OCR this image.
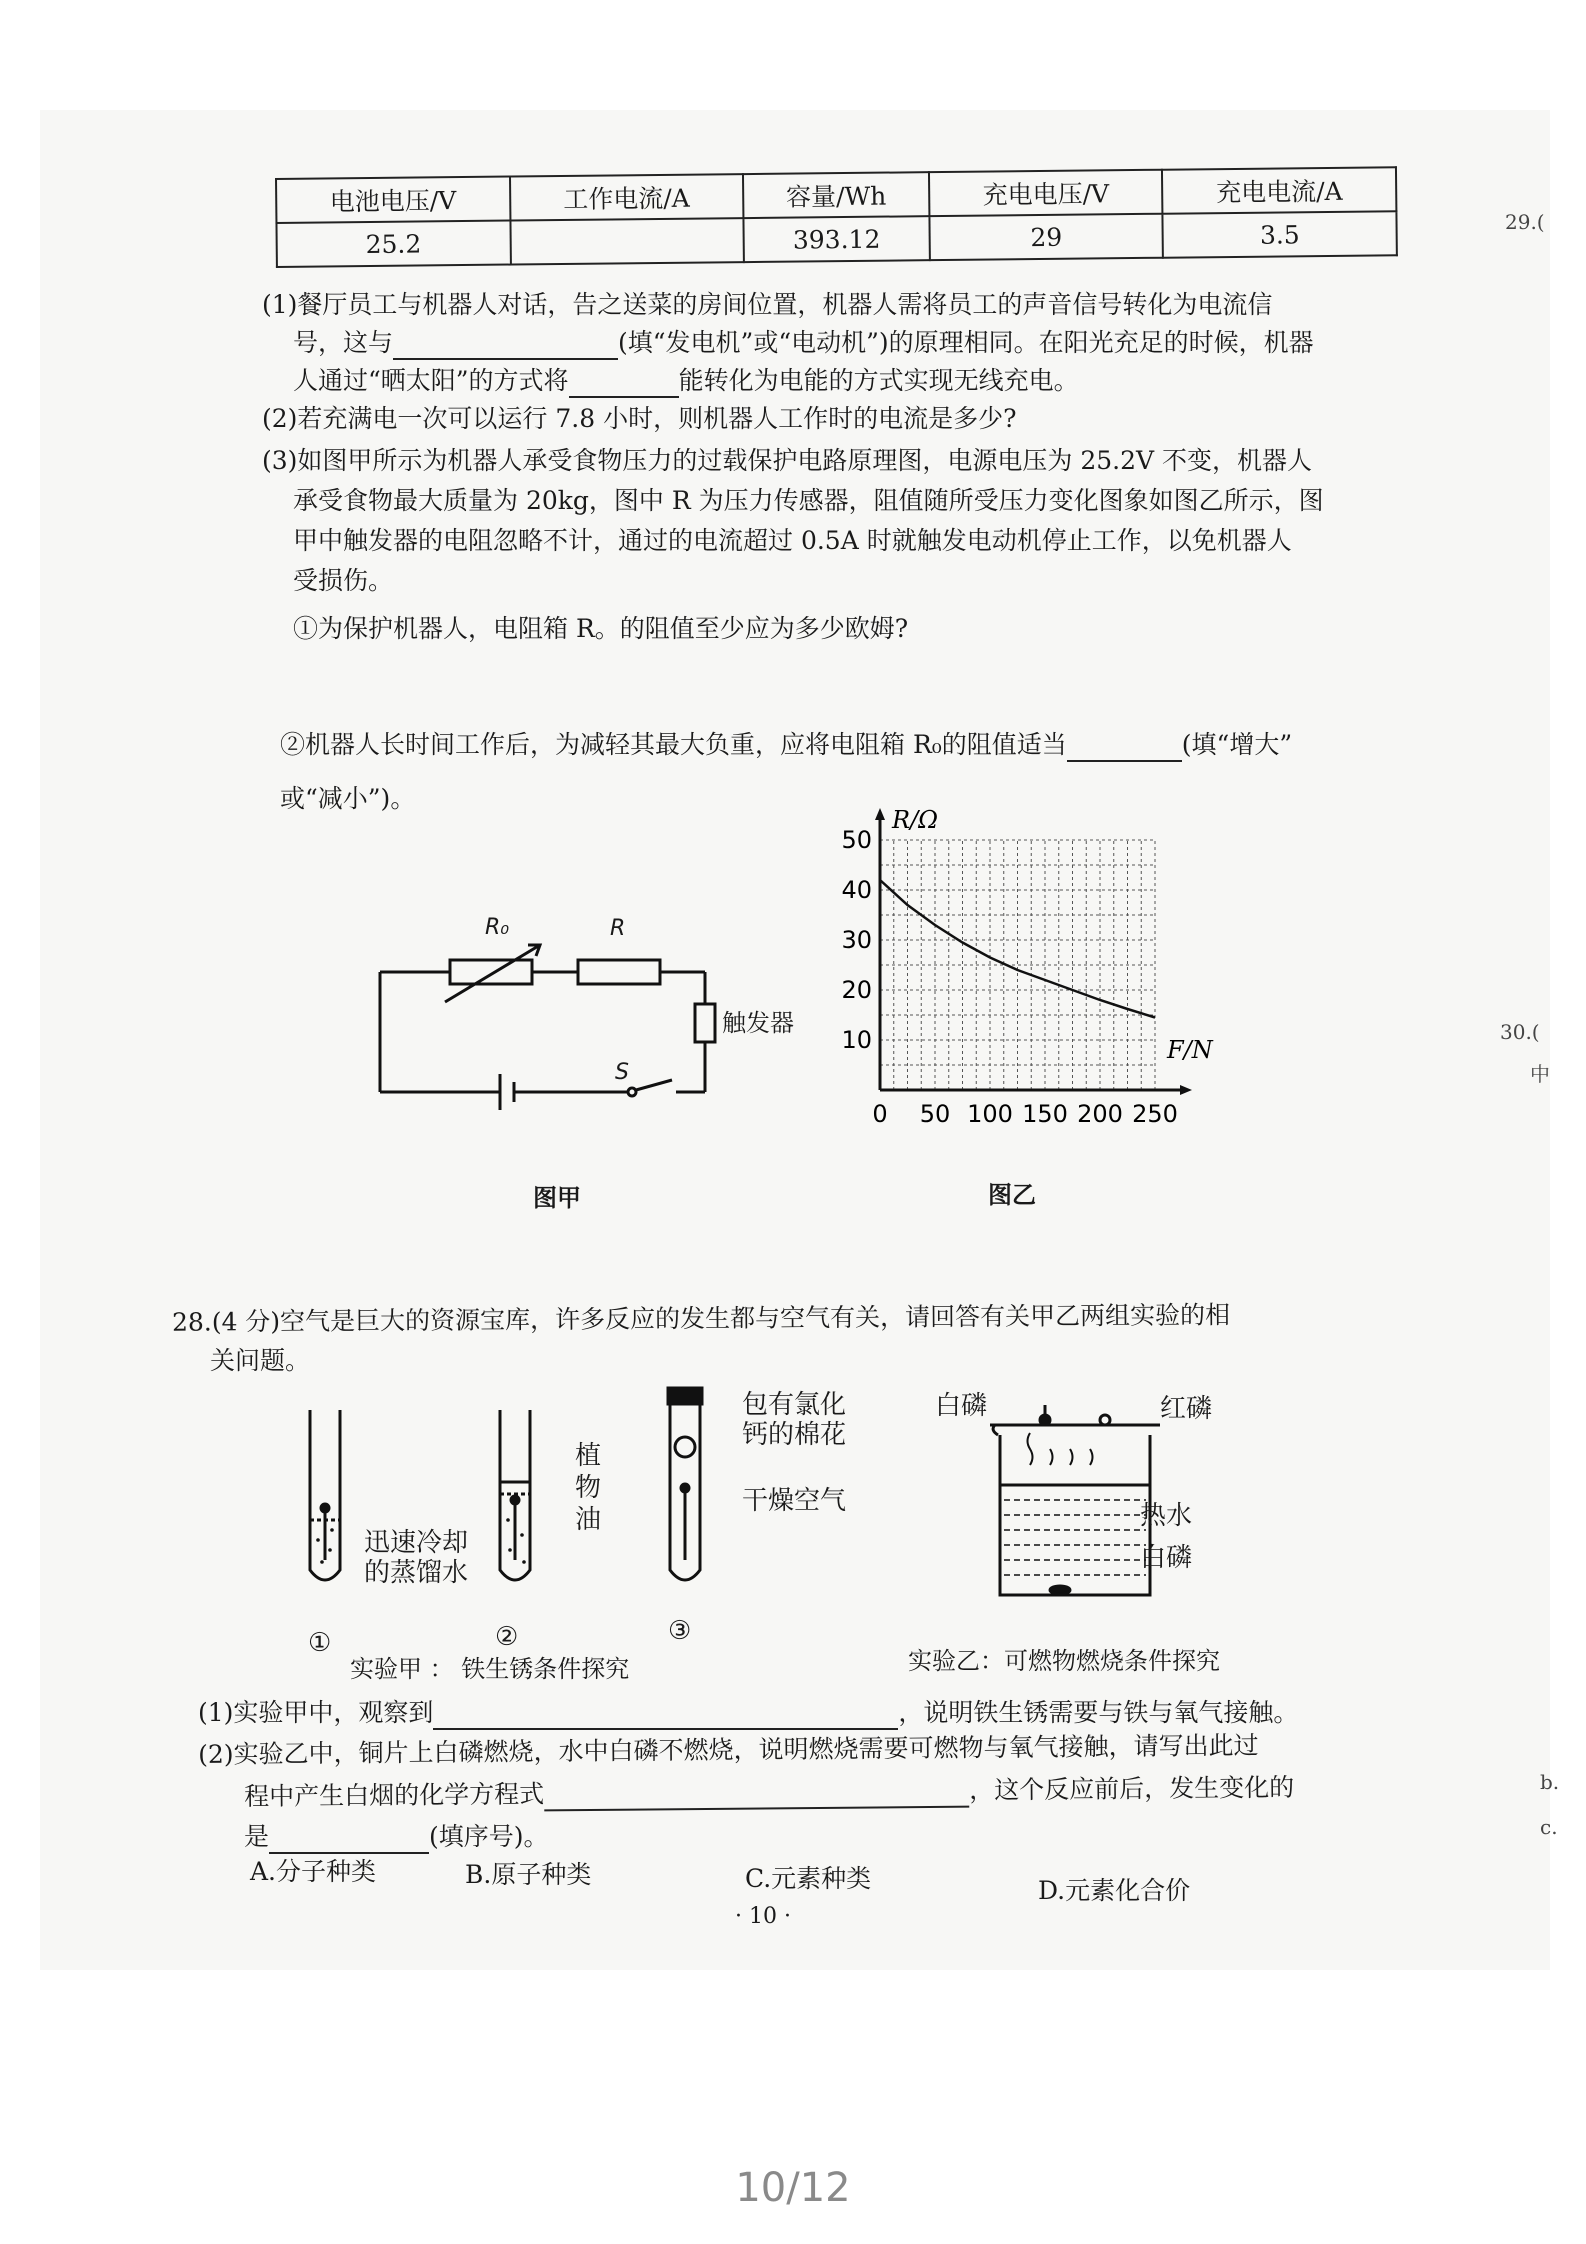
电池电压/V	工作电流/A	容量/Wh	充电电压/V	充电电流/A
25.2		393.12	29	3.5	29.(
30.(
中
b.
c.
(1)餐厅员工与机器人对话，告之送菜的房间位置，机器人需将员工的声音信号转化为电流信
号，这与	(填“发电机”或“电动机”)的原理相同。在阳光充足的时候，机器
人通过“晒太阳”的方式将	能转化为电能的方式实现无线充电。
(2)若充满电一次可以运行 7.8 小时，则机器人工作时的电流是多少?
(3)如图甲所示为机器人承受食物压力的过载保护电路原理图，电源电压为 25.2V 不变，机器人
承受食物最大质量为 20kg，图中 R 为压力传感器，阻值随所受压力变化图象如图乙所示，图
甲中触发器的电阻忽略不计，通过的电流超过 0.5A 时就触发电动机停止工作，以免机器人
受损伤。
①为保护机器人，电阻箱 R。的阻值至少应为多少欧姆?
②机器人长时间工作后，为减轻其最大负重，应将电阻箱 R₀的阻值适当	(填“增大”
或“减小”)。
R₀	R
触发器
S
图甲
0 50 100 150 200 250
10
20
30
40
50
R/Ω
F/N
图乙
28.(4 分)空气是巨大的资源宝库，许多反应的发生都与空气有关，请回答有关甲乙两组实验的相
关问题。
迅速冷却
的蒸馏水
植物油
包有氯化
钙的棉花
干燥空气
①	②	③
实验甲 ： 铁生锈条件探究
白磷	红磷
热水
白磷
实验乙：可燃物燃烧条件探究
(1)实验甲中，观察到	，说明铁生锈需要与铁与氧气接触。
(2)实验乙中，铜片上白磷燃烧，水中白磷不燃烧，说明燃烧需要可燃物与氧气接触，请写出此过
程中产生白烟的化学方程式	，这个反应前后，发生变化的
是	(填序号)。
A.分子种类	B.原子种类	C.元素种类	D.元素化合价
· 10 ·
10/12
